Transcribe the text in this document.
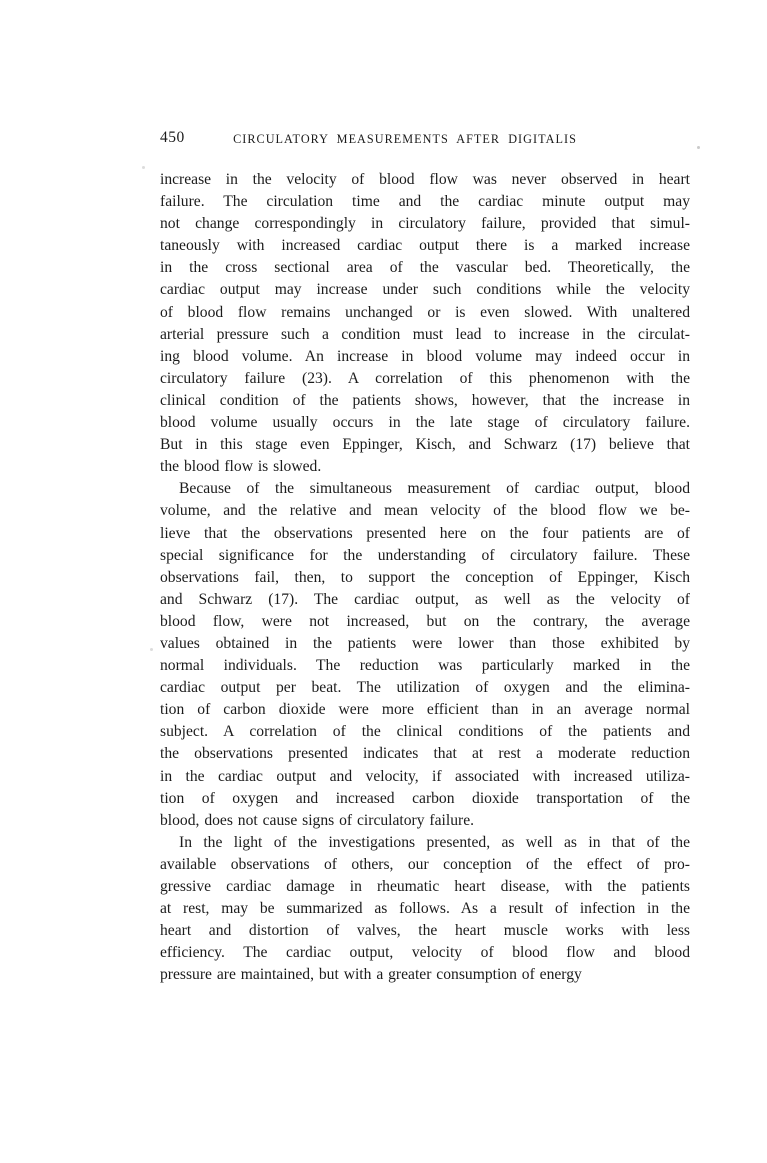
450	CIRCULATORY MEASUREMENTS AFTER DIGITALIS

increase in the velocity of blood flow was never observed in heart
failure. The circulation time and the cardiac minute output may
not change correspondingly in circulatory failure, provided that simul-
taneously with increased cardiac output there is a marked increase
in the cross sectional area of the vascular bed. Theoretically, the
cardiac output may increase under such conditions while the velocity
of blood flow remains unchanged or is even slowed. With unaltered
arterial pressure such a condition must lead to increase in the circulat-
ing blood volume. An increase in blood volume may indeed occur in
circulatory failure (23). A correlation of this phenomenon with the
clinical condition of the patients shows, however, that the increase in
blood volume usually occurs in the late stage of circulatory failure.
But in this stage even Eppinger, Kisch, and Schwarz (17) believe that
the blood flow is slowed.

Because of the simultaneous measurement of cardiac output, blood
volume, and the relative and mean velocity of the blood flow we be-
lieve that the observations presented here on the four patients are of
special significance for the understanding of circulatory failure. These
observations fail, then, to support the conception of Eppinger, Kisch
and Schwarz (17). The cardiac output, as well as the velocity of
blood flow, were not increased, but on the contrary, the average
values obtained in the patients were lower than those exhibited by
normal individuals. The reduction was particularly marked in the
cardiac output per beat. The utilization of oxygen and the elimina-
tion of carbon dioxide were more efficient than in an average normal
subject. A correlation of the clinical conditions of the patients and
the observations presented indicates that at rest a moderate reduction
in the cardiac output and velocity, if associated with increased utiliza-
tion of oxygen and increased carbon dioxide transportation of the
blood, does not cause signs of circulatory failure.

In the light of the investigations presented, as well as in that of the
available observations of others, our conception of the effect of pro-
gressive cardiac damage in rheumatic heart disease, with the patients
at rest, may be summarized as follows. As a result of infection in the
heart and distortion of valves, the heart muscle works with less
efficiency. The cardiac output, velocity of blood flow and blood
pressure are maintained, but with a greater consumption of energy
